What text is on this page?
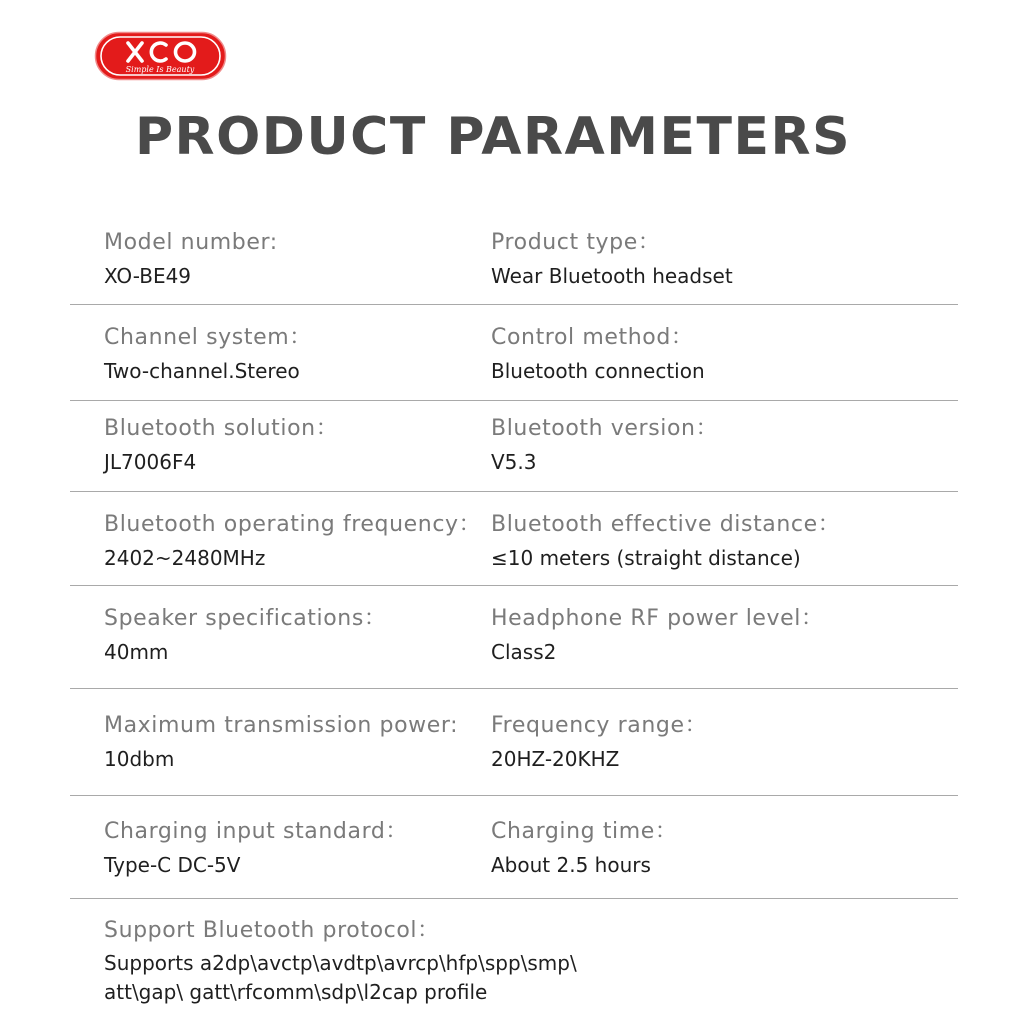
Simple Is Beauty
PRODUCT PARAMETERS
Model number:
XO-BE49
Product type：
Wear Bluetooth headset
Channel system：
Two-channel.Stereo
Control method：
Bluetooth connection
Bluetooth solution：
JL7006F4
Bluetooth version：
V5.3
Bluetooth operating frequency：
2402~2480MHz
Bluetooth effective distance：
≤10 meters (straight distance)
Speaker specifications：
40mm
Headphone RF power level：
Class2
Maximum transmission power:
10dbm
Frequency range：
20HZ-20KHZ
Charging input standard：
Type-C DC-5V
Charging time：
About 2.5 hours
Support Bluetooth protocol：
Supports a2dp\avctp\avdtp\avrcp\hfp\spp\smp\
att\gap\ gatt\rfcomm\sdp\l2cap profile
